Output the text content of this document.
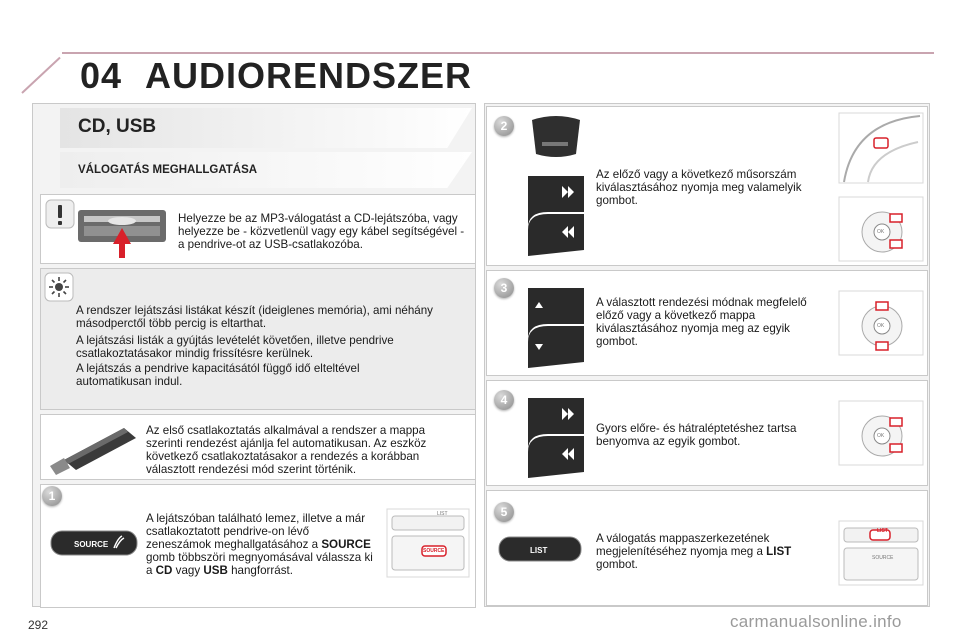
04 AUDIORENDSZER
CD, USB
VÁLOGATÁS MEGHALLGATÁSA
Helyezze be az MP3-válogatást a CD-lejátszóba, vagy helyezze be - közvetlenül vagy egy kábel segítségével - a pendrive-ot az USB-csatlakozóba.
A rendszer lejátszási listákat készít (ideiglenes memória), ami néhány másodperctől több percig is eltarthat.
A lejátszási listák a gyújtás levételét követően, illetve pendrive csatlakoztatásakor mindig frissítésre kerülnek.
A lejátszás a pendrive kapacitásától függő idő elteltével automatikusan indul.
Az első csatlakoztatás alkalmával a rendszer a mappa szerinti rendezést ajánlja fel automatikusan. Az eszköz következő csatlakoztatásakor a rendezés a korábban választott rendezési mód szerint történik.
1
SOURCE
A lejátszóban található lemez, illetve a már csatlakoztatott pendrive-on lévő zeneszámok meghallgatásához a SOURCE gomb többszöri megnyomásával válassza ki a CD vagy USB hangforrást.
LIST
SOURCE
2
Az előző vagy a következő műsorszám kiválasztásához nyomja meg valamelyik gombot.
OK
3
A választott rendezési módnak megfelelő előző vagy a következő mappa kiválasztásához nyomja meg az egyik gombot.
OK
4
Gyors előre- és hátraléptetéshez tartsa benyomva az egyik gombot.	OK
5
LIST
A válogatás mappaszerkezetének megjelenítéséhez nyomja meg a LIST gombot.
LIST
SOURCE
292	carmanualsonline.info
